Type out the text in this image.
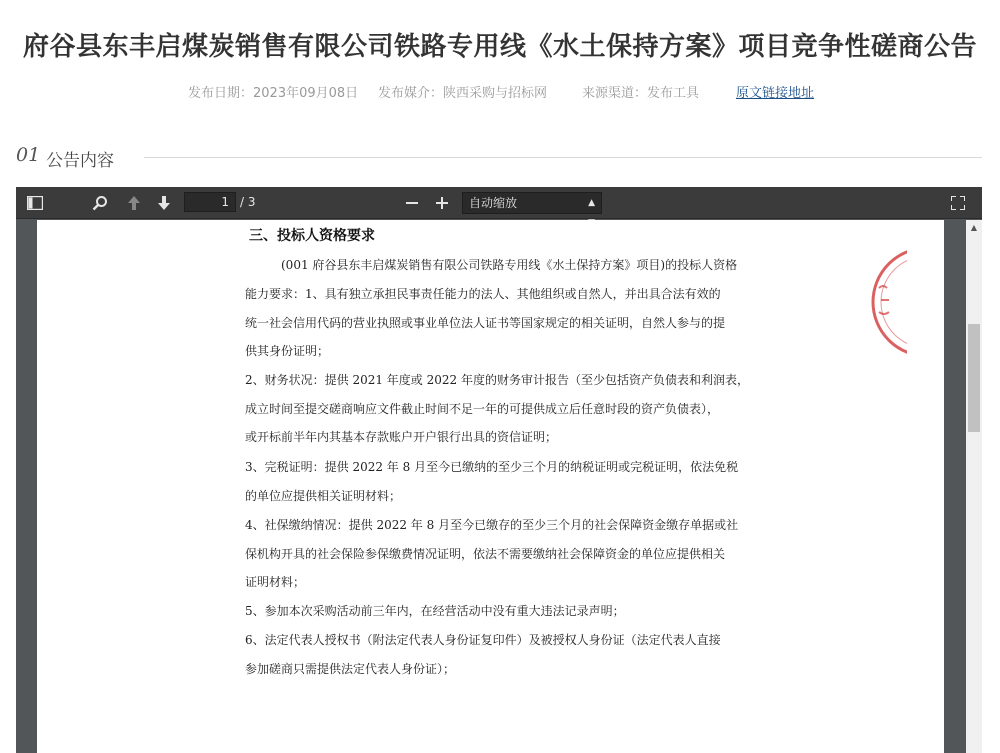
府谷县东丰启煤炭销售有限公司铁路专用线《水土保持方案》项目竞争性磋商公告
发布日期：2023年09月08日 发布媒介：陕西采购与招标网	来源渠道：发布工具	原文链接地址
01 公告内容
1 / 3	自动缩放	▲

三、投标人资格要求
(001 府谷县东丰启煤炭销售有限公司铁路专用线《水土保持方案》项目)的投标人资格
能力要求：1、具有独立承担民事责任能力的法人、其他组织或自然人，并出具合法有效的
统一社会信用代码的营业执照或事业单位法人证书等国家规定的相关证明，自然人参与的提
供其身份证明；
2、财务状况：提供 2021 年度或 2022 年度的财务审计报告（至少包括资产负债表和利润表，
成立时间至提交磋商响应文件截止时间不足一年的可提供成立后任意时段的资产负债表），
或开标前半年内其基本存款账户开户银行出具的资信证明；
3、完税证明：提供 2022 年 8 月至今已缴纳的至少三个月的纳税证明或完税证明，依法免税
的单位应提供相关证明材料；
4、社保缴纳情况：提供 2022 年 8 月至今已缴存的至少三个月的社会保障资金缴存单据或社
保机构开具的社会保险参保缴费情况证明，依法不需要缴纳社会保障资金的单位应提供相关
证明材料；
5、参加本次采购活动前三年内，在经营活动中没有重大违法记录声明；
6、法定代表人授权书（附法定代表人身份证复印件）及被授权人身份证（法定代表人直接
参加磋商只需提供法定代表人身份证）；
▲
